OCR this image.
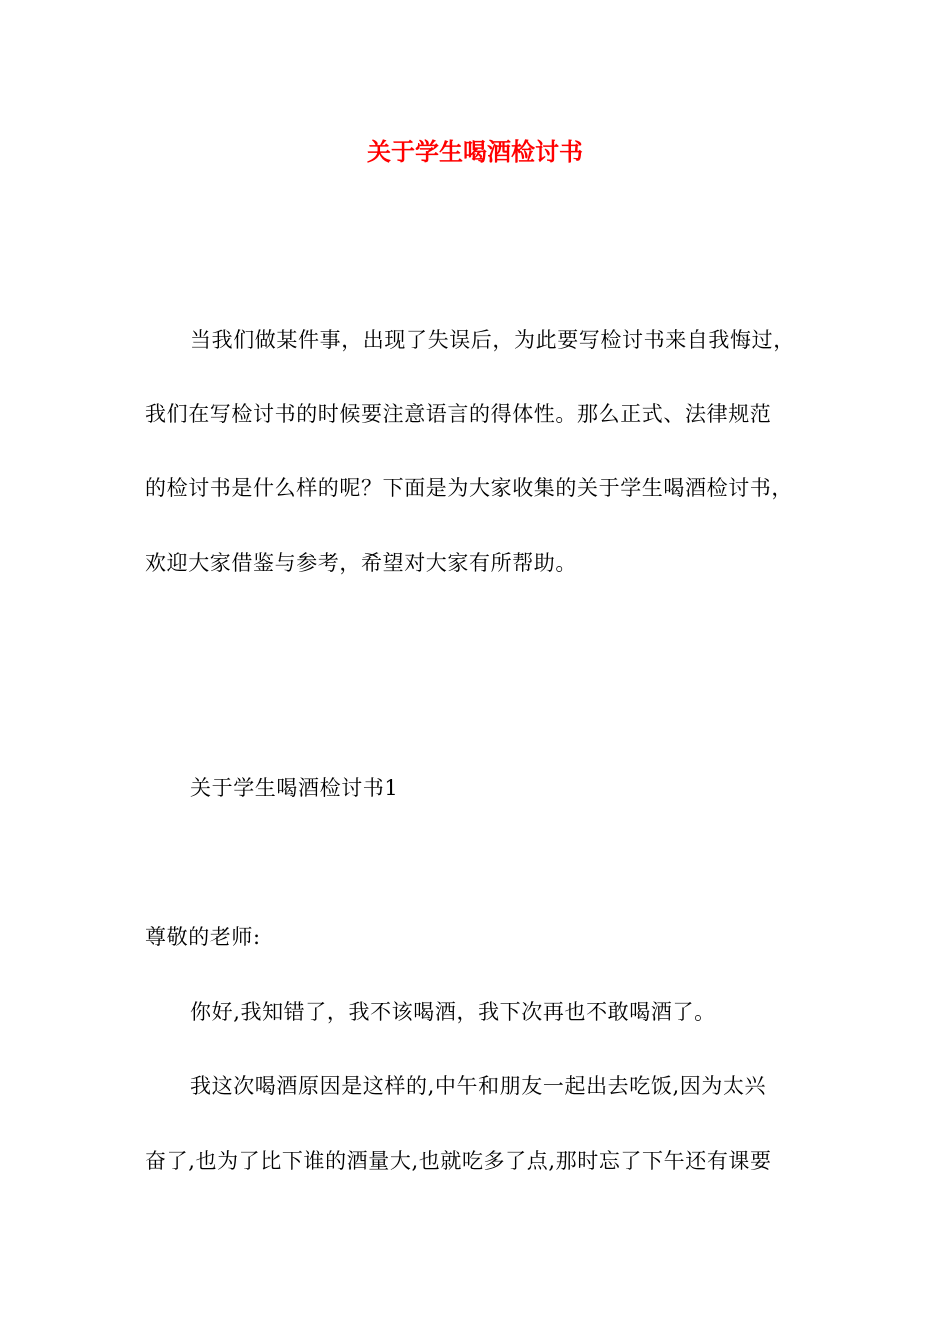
关于学生喝酒检讨书
当我们做某件事，出现了失误后，为此要写检讨书来自我悔过，
我们在写检讨书的时候要注意语言的得体性。那么正式、法律规范
的检讨书是什么样的呢？下面是为大家收集的关于学生喝酒检讨书，
欢迎大家借鉴与参考，希望对大家有所帮助。
关于学生喝酒检讨书1
尊敬的老师:
你好,我知错了，我不该喝酒，我下次再也不敢喝酒了。
我这次喝酒原因是这样的,中午和朋友一起出去吃饭,因为太兴
奋了,也为了比下谁的酒量大,也就吃多了点,那时忘了下午还有课要
